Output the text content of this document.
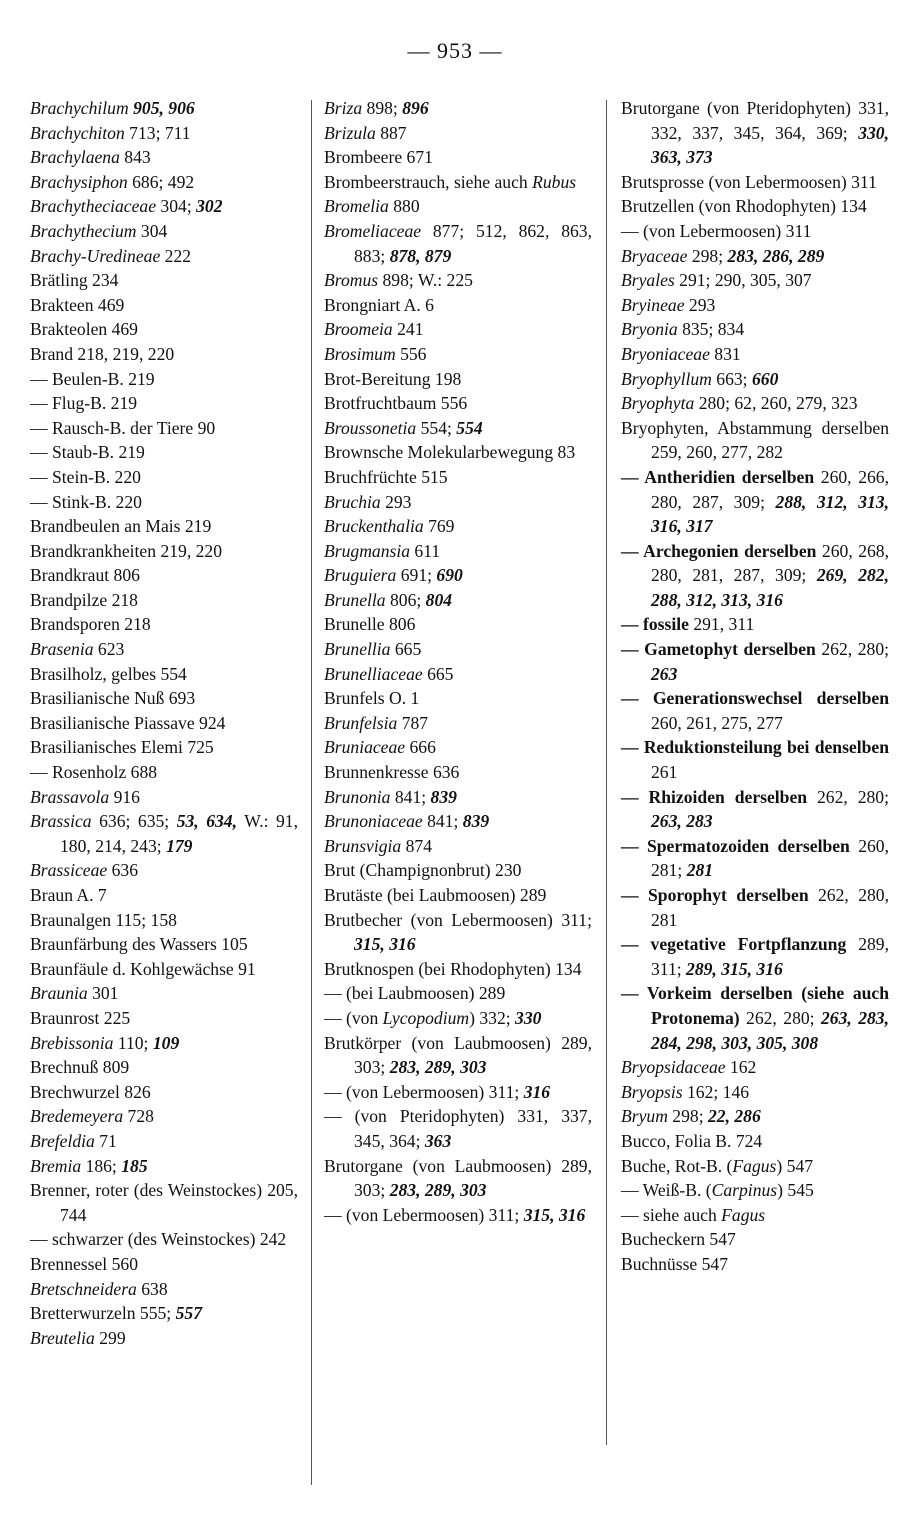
— 953 —
Brachychilum 905, 906
Brachychiton 713; 711
Brachylaena 843
Brachysiphon 686; 492
Brachytheciaceae 304; 302
Brachythecium 304
Brachy-Uredineae 222
Brätling 234
Brakteen 469
Brakteolen 469
Brand 218, 219, 220
— Beulen-B. 219
— Flug-B. 219
— Rausch-B. der Tiere 90
— Staub-B. 219
— Stein-B. 220
— Stink-B. 220
Brandbeulen an Mais 219
Brandkrankheiten 219, 220
Brandkraut 806
Brandpilze 218
Brandsporen 218
Brasenia 623
Brasilholz, gelbes 554
Brasilianische Nuß 693
Brasilianische Piassave 924
Brasilianisches Elemi 725
— Rosenholz 688
Brassavola 916
Brassica 636; 635; 53, 634, W.: 91, 180, 214, 243; 179
Brassiceae 636
Braun A. 7
Braunalgen 115; 158
Braunfärbung des Wassers 105
Braunfäule d. Kohlgewächse 91
Braunia 301
Braunrost 225
Brebissonia 110; 109
Brechnuß 809
Brechwurzel 826
Bredemeyera 728
Brefeldia 71
Bremia 186; 185
Brenner, roter (des Weinstockes) 205, 744
— schwarzer (des Weinstockes) 242
Brennessel 560
Bretschneidera 638
Bretterwurzeln 555; 557
Breutelia 299
Briza 898; 896
Brizula 887
Brombeere 671
Brombeerstrauch, siehe auch Rubus
Bromelia 880
Bromeliaceae 877; 512, 862, 863, 883; 878, 879
Bromus 898; W.: 225
Brongniart A. 6
Broomeia 241
Brosimum 556
Brot-Bereitung 198
Brotfruchtbaum 556
Broussonetia 554; 554
Brownsche Molekularbewegung 83
Bruchfrüchte 515
Bruchia 293
Bruckenthalia 769
Brugmansia 611
Bruguiera 691; 690
Brunella 806; 804
Brunelle 806
Brunellia 665
Brunelliaceae 665
Brunfels O. 1
Brunfelsia 787
Bruniaceae 666
Brunnenkresse 636
Brunonia 841; 839
Brunoniaceae 841; 839
Brunsvigia 874
Brut (Champignonbrut) 230
Brutäste (bei Laubmoosen) 289
Brutbecher (von Lebermoosen) 311; 315, 316
Brutknospen (bei Rhodophyten) 134
— (bei Laubmoosen) 289
— (von Lycopodium) 332; 330
Brutkörper (von Laubmoosen) 289, 303; 283, 289, 303
— (von Lebermoosen) 311; 316
— (von Pteridophyten) 331, 337, 345, 364; 363
Brutorgane (von Laubmoosen) 289, 303; 283, 289, 303
— (von Lebermoosen) 311; 315, 316
Brutorgane (von Pteridophyten) 331, 332, 337, 345, 364, 369; 330, 363, 373
Brutsprosse (von Lebermoosen) 311
Brutzellen (von Rhodophyten) 134
— (von Lebermoosen) 311
Bryaceae 298; 283, 286, 289
Bryales 291; 290, 305, 307
Bryineae 293
Bryonia 835; 834
Bryoniaceae 831
Bryophyllum 663; 660
Bryophyta 280; 62, 260, 279, 323
Bryophyten, Abstammung derselben 259, 260, 277, 282
— Antheridien derselben 260, 266, 280, 287, 309; 288, 312, 313, 316, 317
— Archegonien derselben 260, 268, 280, 281, 287, 309; 269, 282, 288, 312, 313, 316
— fossile 291, 311
— Gametophyt derselben 262, 280; 263
— Generationswechsel derselben 260, 261, 275, 277
— Reduktionsteilung bei denselben 261
— Rhizoiden derselben 262, 280; 263, 283
— Spermatozoiden derselben 260, 281; 281
— Sporophyt derselben 262, 280, 281
— vegetative Fortpflanzung 289, 311; 289, 315, 316
— Vorkeim derselben (siehe auch Protonema) 262, 280; 263, 283, 284, 298, 303, 305, 308
Bryopsidaceae 162
Bryopsis 162; 146
Bryum 298; 22, 286
Bucco, Folia B. 724
Buche, Rot-B. (Fagus) 547
— Weiß-B. (Carpinus) 545
— siehe auch Fagus
Bucheckern 547
Buchnüsse 547
